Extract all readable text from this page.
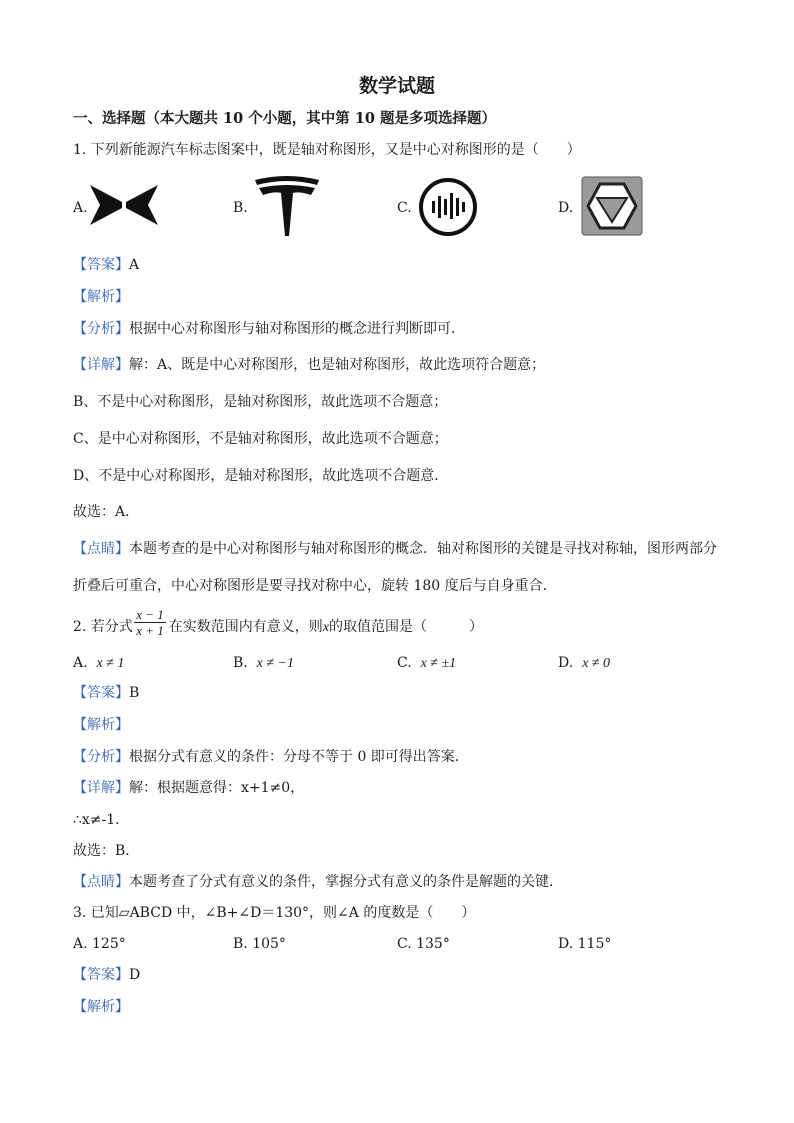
数学试题
一、选择题（本大题共 10 个小题，其中第 10 题是多项选择题）
1. 下列新能源汽车标志图案中，既是轴对称图形，又是中心对称图形的是（　　）
A.	B.	C.	D.
【答案】A
【解析】
【分析】根据中心对称图形与轴对称图形的概念进行判断即可．
【详解】解：A、既是中心对称图形，也是轴对称图形，故此选项符合题意；
B、不是中心对称图形，是轴对称图形，故此选项不合题意；
C、是中心对称图形，不是轴对称图形，故此选项不合题意；
D、不是中心对称图形，是轴对称图形，故此选项不合题意．
故选：A．
【点睛】本题考查的是中心对称图形与轴对称图形的概念．轴对称图形的关键是寻找对称轴，图形两部分
折叠后可重合，中心对称图形是要寻找对称中心，旋转 180 度后与自身重合．
2. 若分式	在实数范围内有意义，则x的取值范围是（　　　）
x − 1
x + 1
A. x ≠ 1	B. x ≠ −1	C. x ≠ ±1	D. x ≠ 0
【答案】B
【解析】
【分析】根据分式有意义的条件：分母不等于 0 即可得出答案．
【详解】解：根据题意得：x+1≠0，
∴x≠-1．
故选：B．
【点睛】本题考查了分式有意义的条件，掌握分式有意义的条件是解题的关键．
3. 已知▱ABCD 中，∠B+∠D＝130°，则∠A 的度数是（　　）
A. 125°	B. 105°	C. 135°	D. 115°
【答案】D
【解析】
